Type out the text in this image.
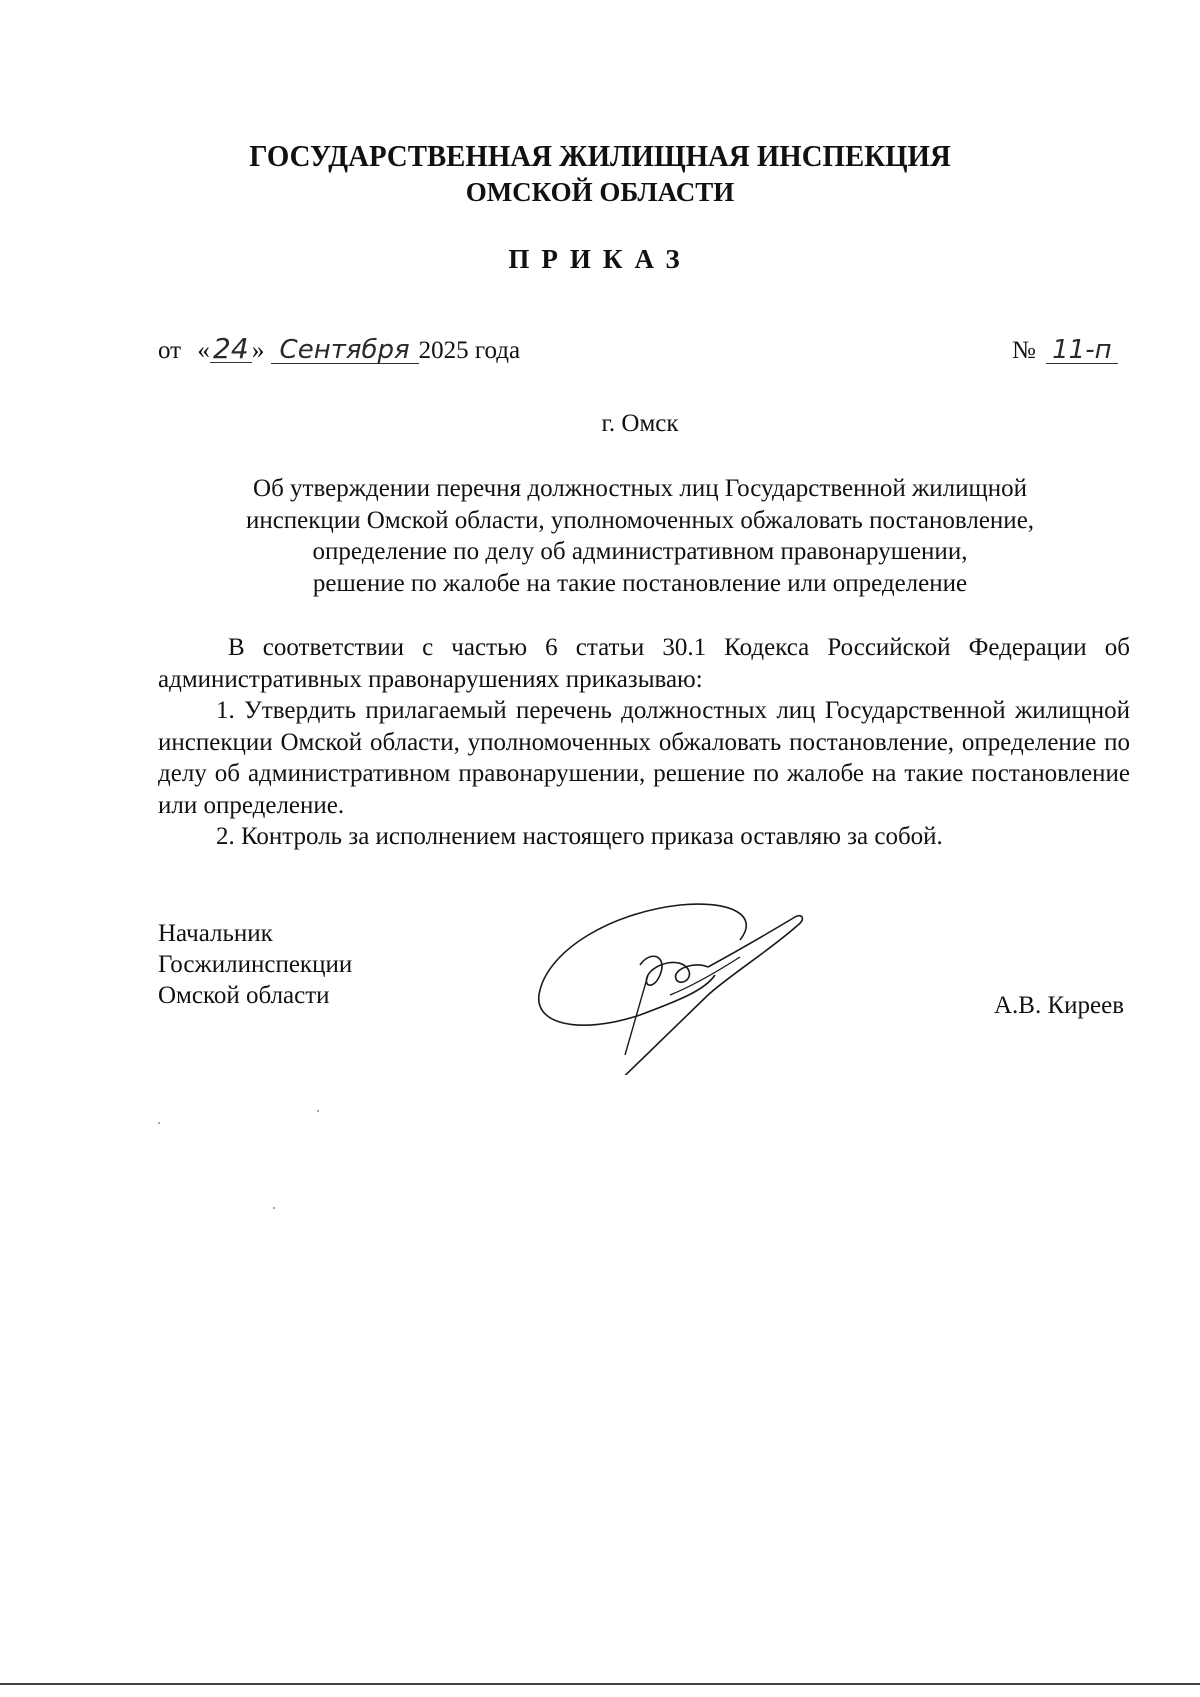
ГОСУДАРСТВЕННАЯ ЖИЛИЩНАЯ ИНСПЕКЦИЯ
ОМСКОЙ ОБЛАСТИ
ПРИКАЗ
от « 24 » Сентября 2025 года	№ 11-п
г. Омск
Об утверждении перечня должностных лиц Государственной жилищной
инспекции Омской области, уполномоченных обжаловать постановление,
определение по делу об административном правонарушении,
решение по жалобе на такие постановление или определение

В соответствии с частью 6 статьи 30.1 Кодекса Российской Федерации об административных правонарушениях приказываю:

1. Утвердить прилагаемый перечень должностных лиц Государственной жилищной инспекции Омской области, уполномоченных обжаловать постановление, определение по делу об административном правонарушении, решение по жалобе на такие постановление или определение.

2. Контроль за исполнением настоящего приказа оставляю за собой.

Начальник
Госжилинспекции
Омской области	А.В. Киреев
